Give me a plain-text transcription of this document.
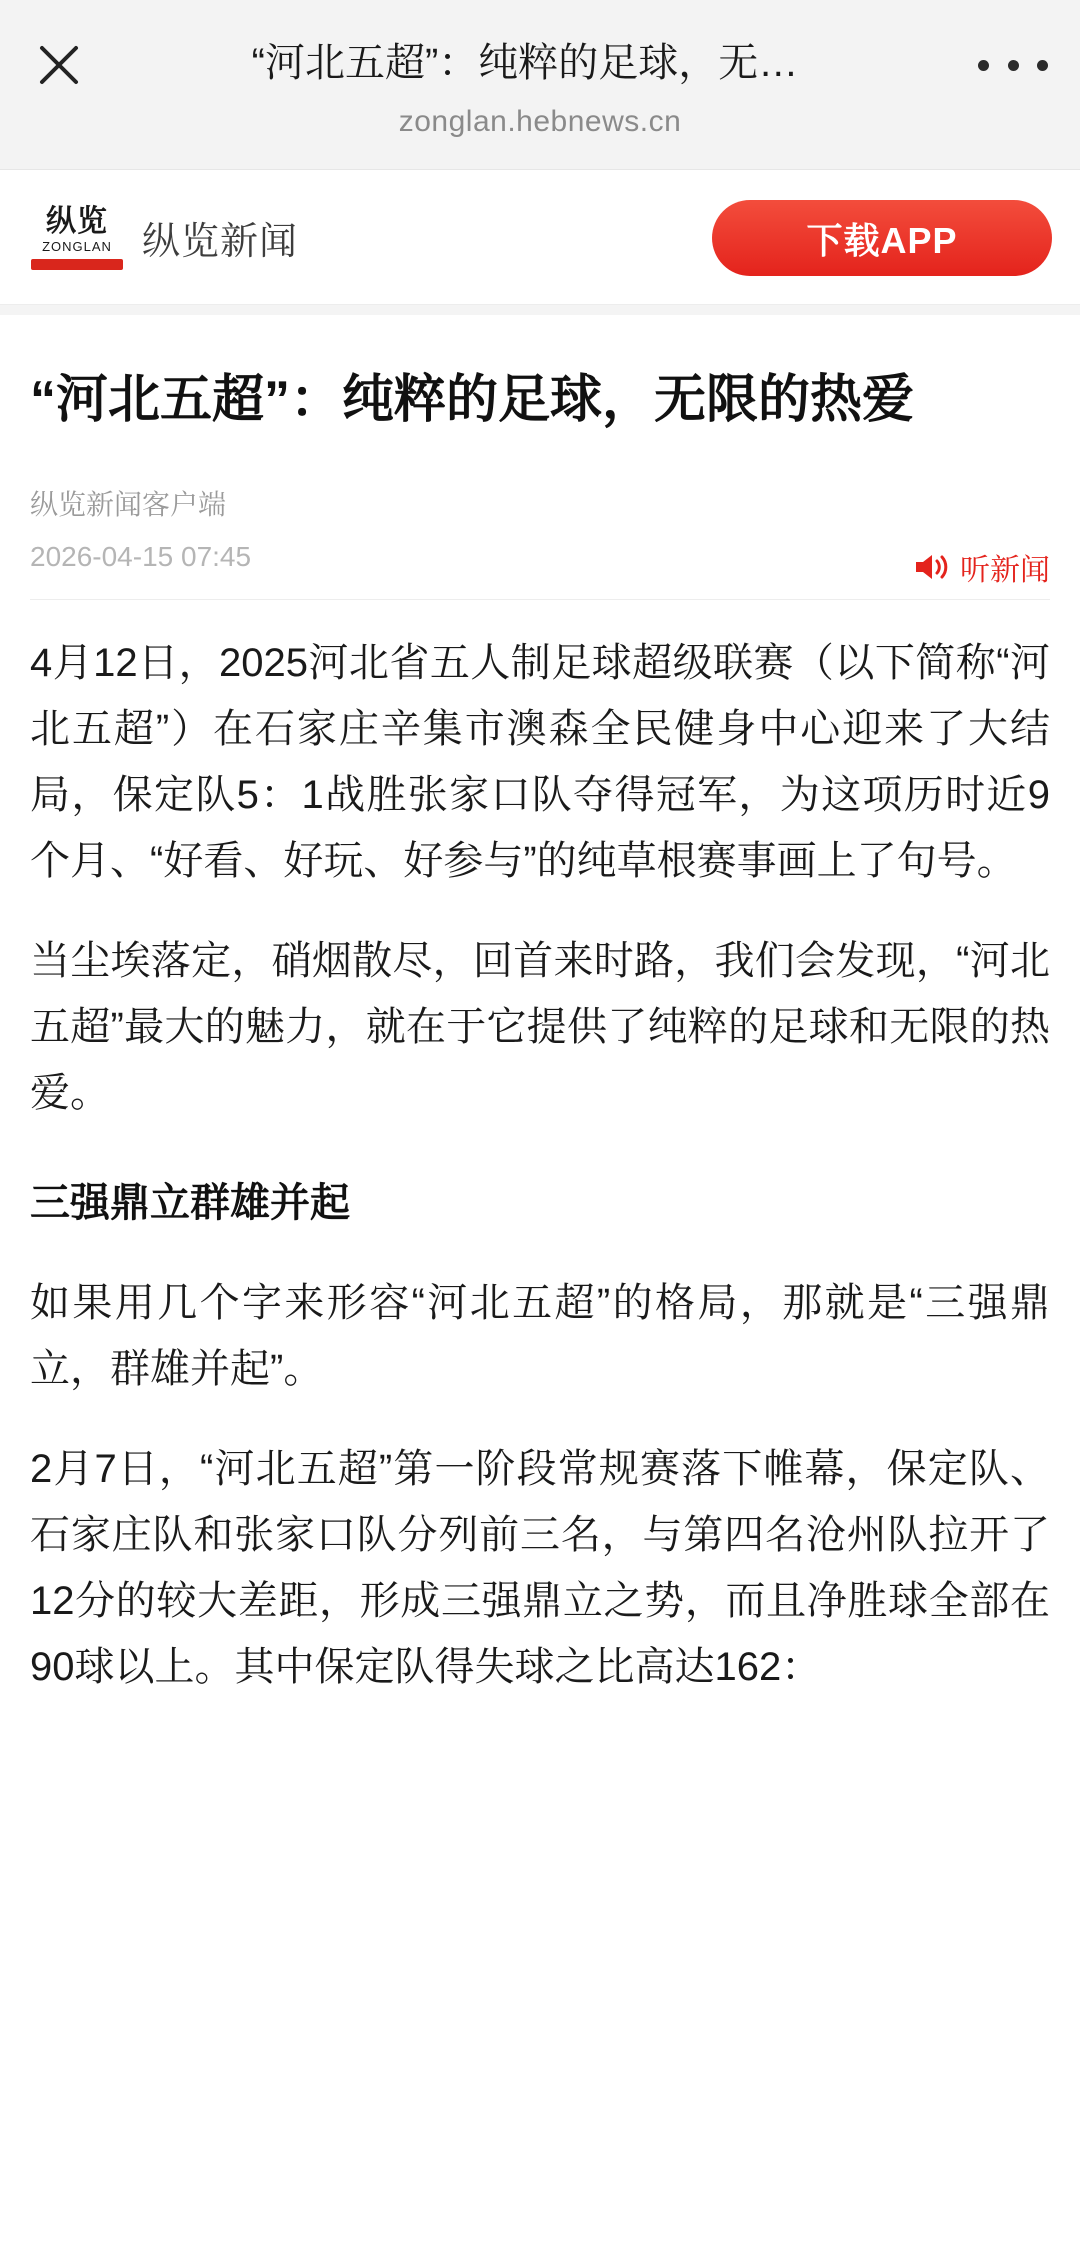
“河北五超”：纯粹的足球，无…
zonglan.hebnews.cn
纵览
ZONGLAN 纵览新闻	下载APP
“河北五超”：纯粹的足球，无限的热爱
纵览新闻客户端
2026-04-15 07:45	听新闻

4月12日，2025河北省五人制足球超级联赛（以下简称“河北五超”）在石家庄辛集市澳森全民健身中心迎来了大结局，保定队5：1战胜张家口队夺得冠军，为这项历时近9个月、“好看、好玩、好参与”的纯草根赛事画上了句号。

当尘埃落定，硝烟散尽，回首来时路，我们会发现，“河北五超”最大的魅力，就在于它提供了纯粹的足球和无限的热爱。

三强鼎立群雄并起

如果用几个字来形容“河北五超”的格局，那就是“三强鼎立，群雄并起”。

2月7日，“河北五超”第一阶段常规赛落下帷幕，保定队、石家庄队和张家口队分列前三名，与第四名沧州队拉开了12分的较大差距，形成三强鼎立之势，而且净胜球全部在90球以上。其中保定队得失球之比高达162：
